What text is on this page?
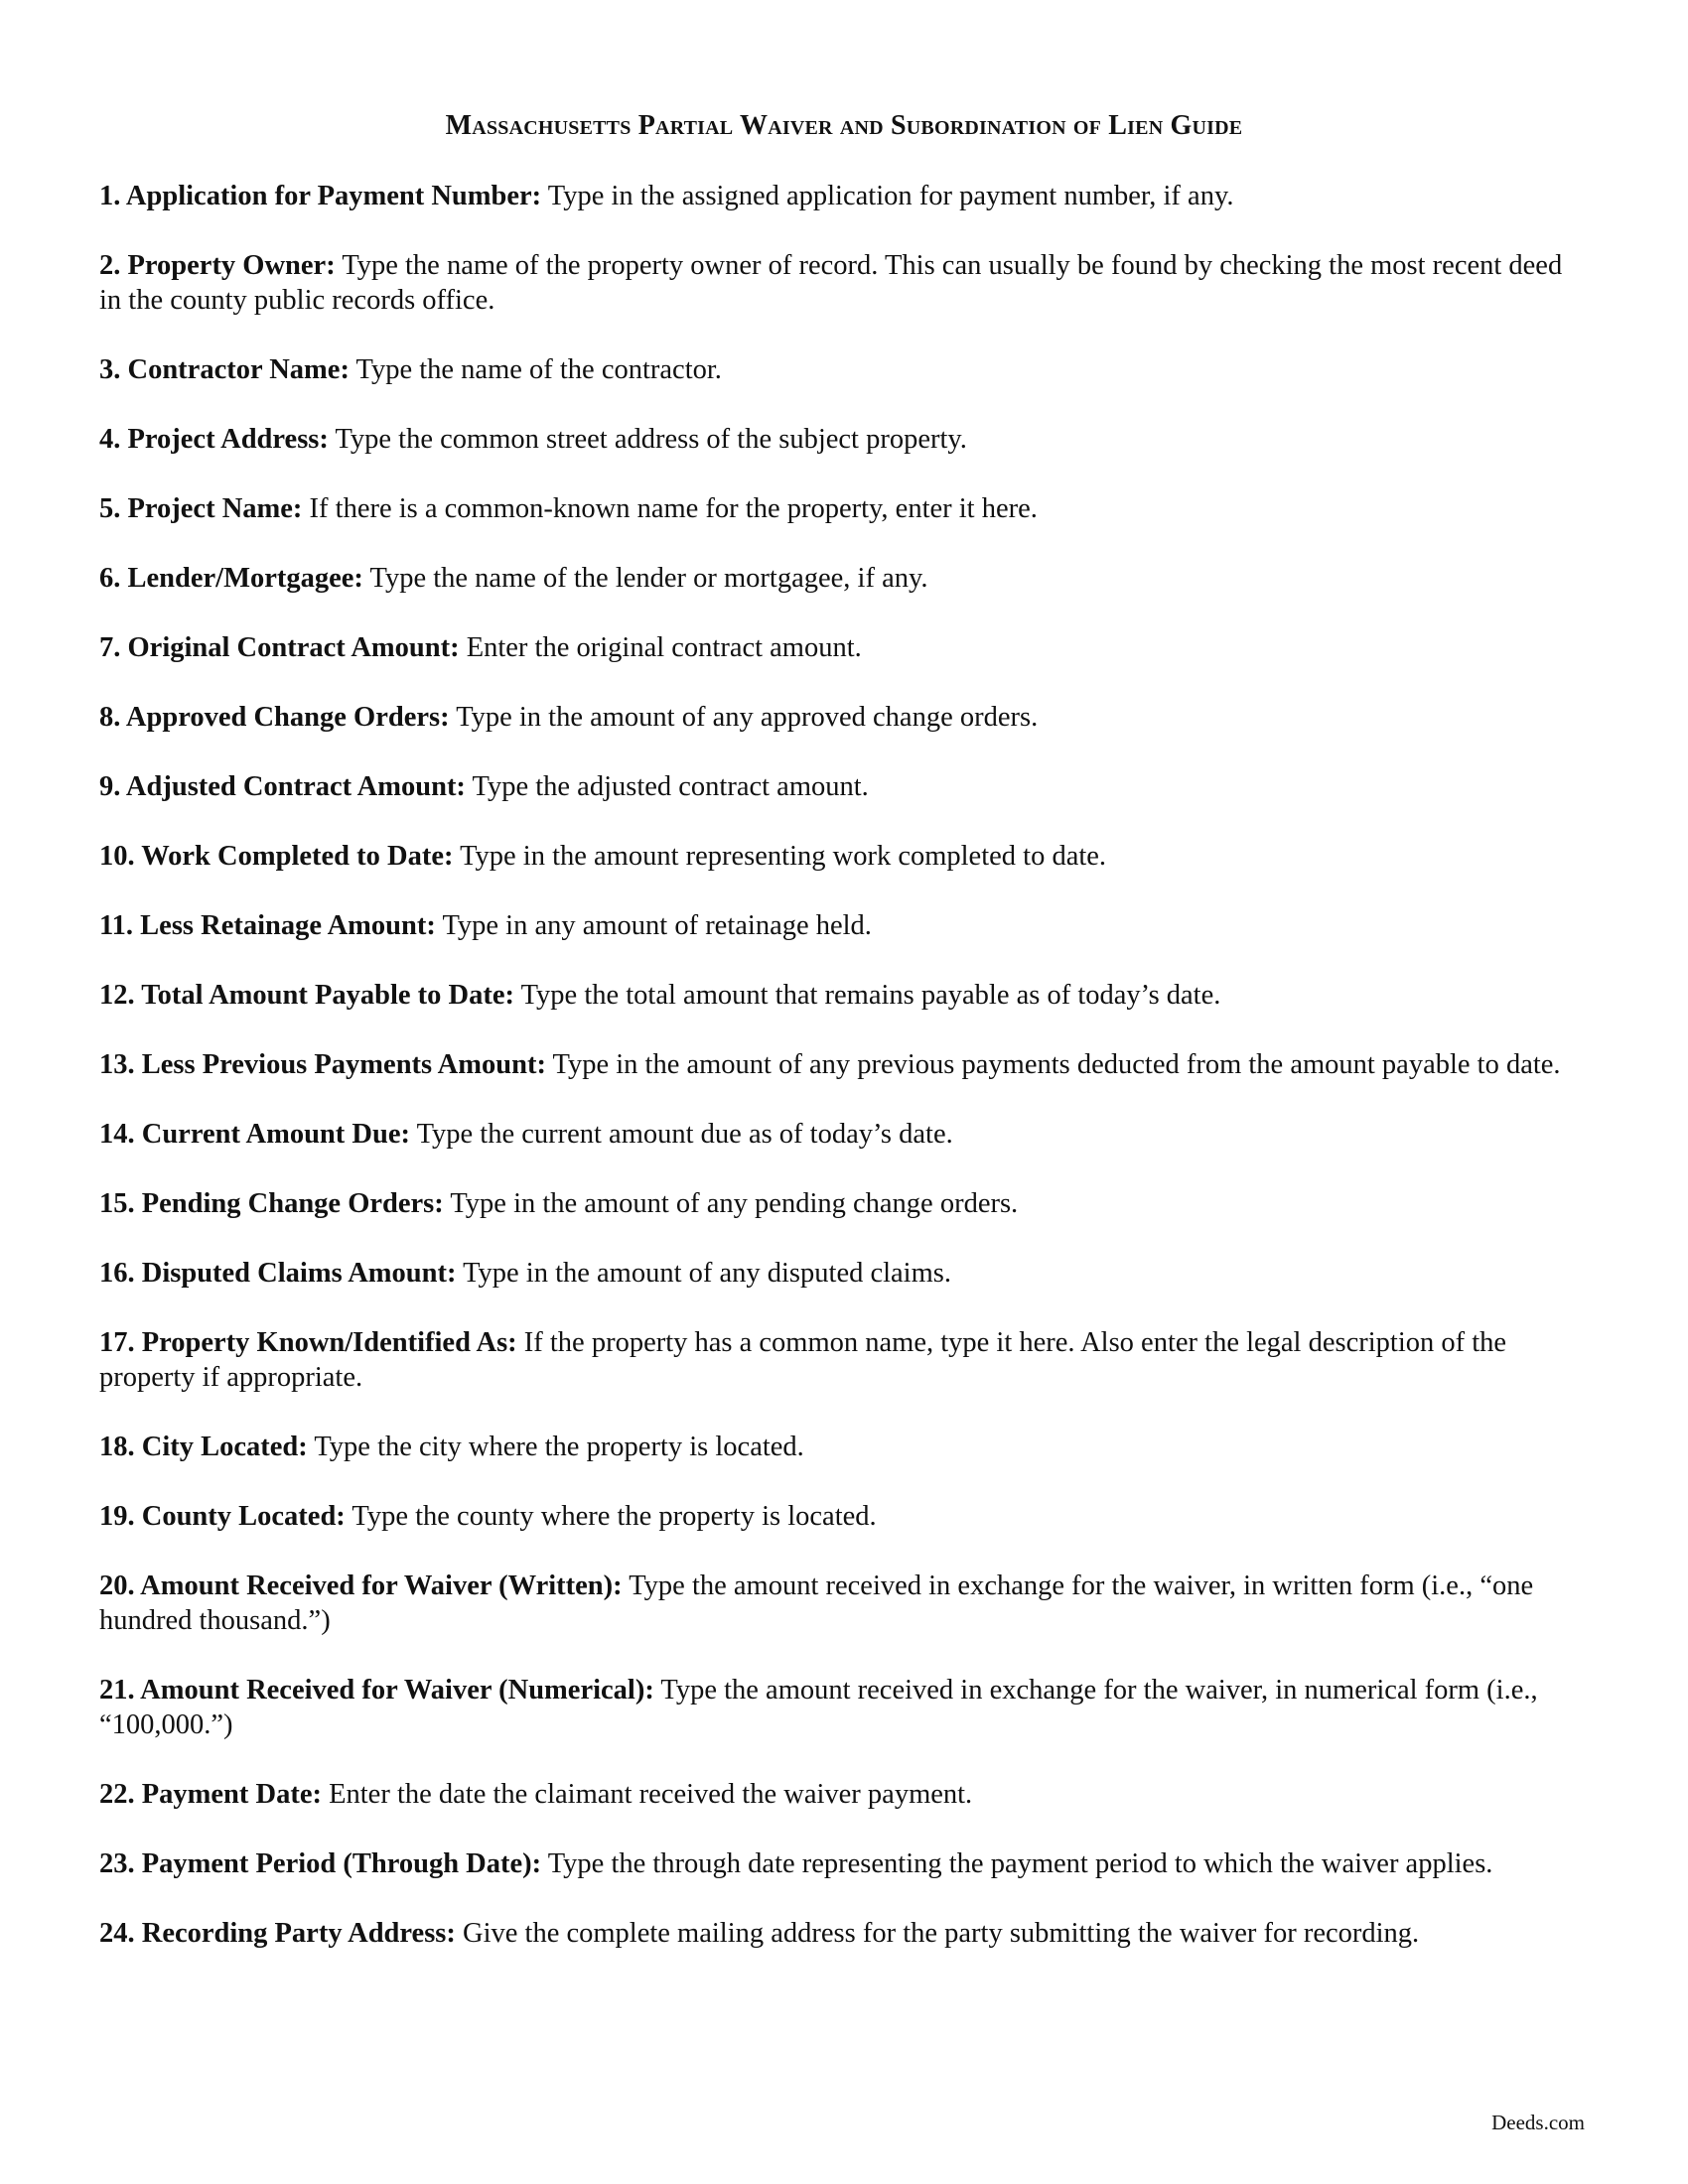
Massachusetts Partial Waiver and Subordination of Lien Guide

1. Application for Payment Number: Type in the assigned application for payment number, if any.

2. Property Owner: Type the name of the property owner of record. This can usually be found by checking the most recent deed in the county public records office.

3. Contractor Name: Type the name of the contractor.

4. Project Address: Type the common street address of the subject property.

5. Project Name: If there is a common-known name for the property, enter it here.

6. Lender/Mortgagee: Type the name of the lender or mortgagee, if any.

7. Original Contract Amount: Enter the original contract amount.

8. Approved Change Orders: Type in the amount of any approved change orders.

9. Adjusted Contract Amount: Type the adjusted contract amount.

10. Work Completed to Date: Type in the amount representing work completed to date.

11. Less Retainage Amount: Type in any amount of retainage held.

12. Total Amount Payable to Date: Type the total amount that remains payable as of today’s date.

13. Less Previous Payments Amount: Type in the amount of any previous payments deducted from the amount payable to date.

14. Current Amount Due: Type the current amount due as of today’s date.

15. Pending Change Orders: Type in the amount of any pending change orders.

16. Disputed Claims Amount: Type in the amount of any disputed claims.

17. Property Known/Identified As: If the property has a common name, type it here. Also enter the legal description of the property if appropriate.

18. City Located: Type the city where the property is located.

19. County Located: Type the county where the property is located.

20. Amount Received for Waiver (Written): Type the amount received in exchange for the waiver, in written form (i.e., “one hundred thousand.”)

21. Amount Received for Waiver (Numerical): Type the amount received in exchange for the waiver, in numerical form (i.e., “100,000.”)

22. Payment Date: Enter the date the claimant received the waiver payment.

23. Payment Period (Through Date): Type the through date representing the payment period to which the waiver applies.

24. Recording Party Address: Give the complete mailing address for the party submitting the waiver for recording.

Deeds.com
